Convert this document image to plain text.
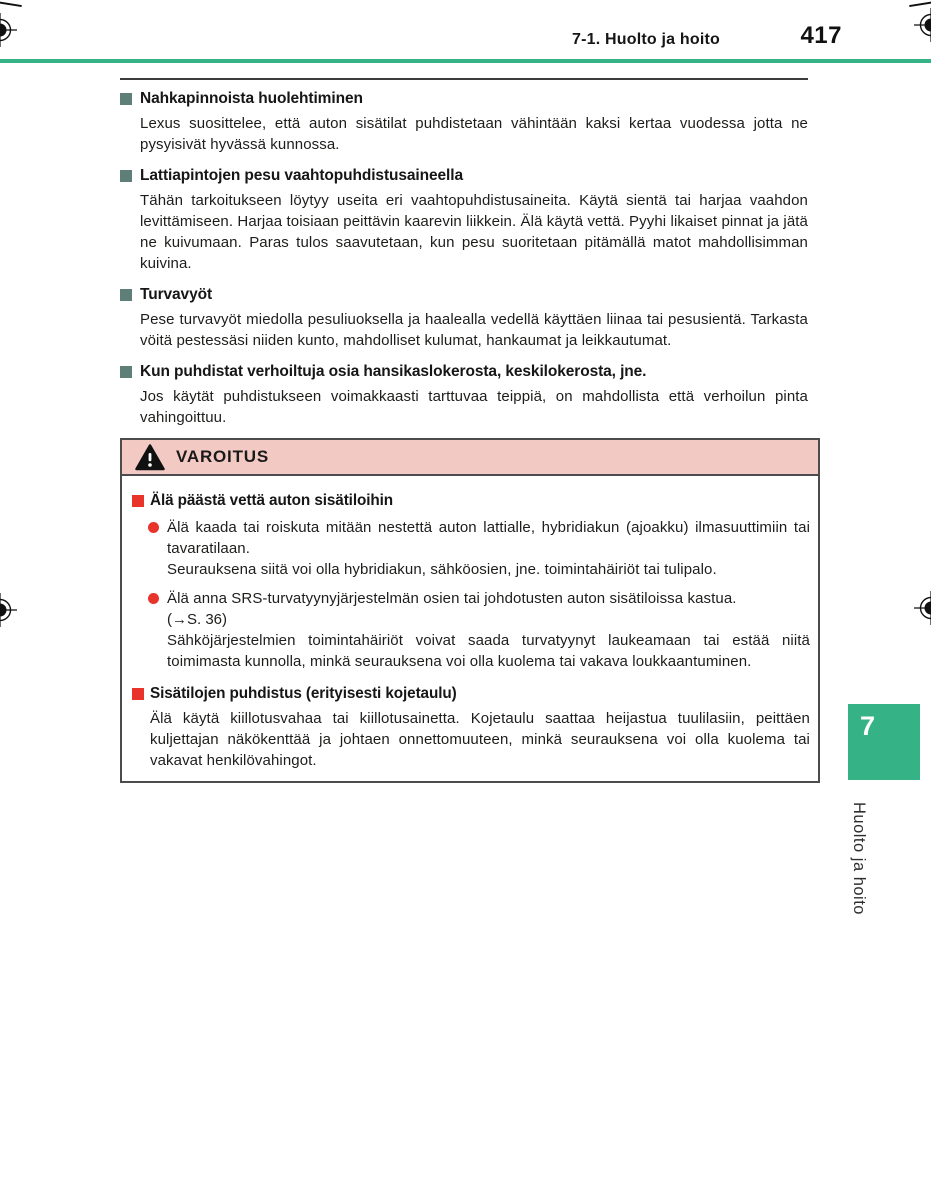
7-1. Huolto ja hoito	417
Nahkapinnoista huolehtiminen

Lexus suosittelee, että auton sisätilat puhdistetaan vähintään kaksi kertaa vuodessa jotta ne pysyisivät hyvässä kunnossa.

Lattiapintojen pesu vaahtopuhdistusaineella

Tähän tarkoitukseen löytyy useita eri vaahtopuhdistusaineita. Käytä sientä tai harjaa vaahdon levittämiseen. Harjaa toisiaan peittävin kaarevin liikkein. Älä käytä vettä. Pyyhi likaiset pinnat ja jätä ne kuivumaan. Paras tulos saavutetaan, kun pesu suoritetaan pitämällä matot mahdollisimman kuivina.

Turvavyöt

Pese turvavyöt miedolla pesuliuoksella ja haalealla vedellä käyttäen liinaa tai pesusientä. Tarkasta vöitä pestessäsi niiden kunto, mahdolliset kulumat, hankaumat ja leikkautumat.

Kun puhdistat verhoiltuja osia hansikaslokerosta, keskilokerosta, jne.

Jos käytät puhdistukseen voimakkaasti tarttuvaa teippiä, on mahdollista että verhoilun pinta vahingoittuu.

VAROITUS
Älä päästä vettä auton sisätiloihin
Älä kaada tai roiskuta mitään nestettä auton lattialle, hybridiakun (ajoakku) ilmasuuttimiin tai tavaratilaan.
Seurauksena siitä voi olla hybridiakun, sähköosien, jne. toimintahäiriöt tai tulipalo.
Älä anna SRS-turvatyynyjärjestelmän osien tai johdotusten auton sisätiloissa kastua.
(→S. 36)
Sähköjärjestelmien toimintahäiriöt voivat saada turvatyynyt laukeamaan tai estää niitä toimimasta kunnolla, minkä seurauksena voi olla kuolema tai vakava loukkaantuminen.
Sisätilojen puhdistus (erityisesti kojetaulu)
Älä käytä kiillotusvahaa tai kiillotusainetta. Kojetaulu saattaa heijastua tuulilasiin, peittäen kuljettajan näkökenttää ja johtaen onnettomuuteen, minkä seurauksena voi olla kuolema tai vakavat henkilövahingot.
7
Huolto ja hoito
